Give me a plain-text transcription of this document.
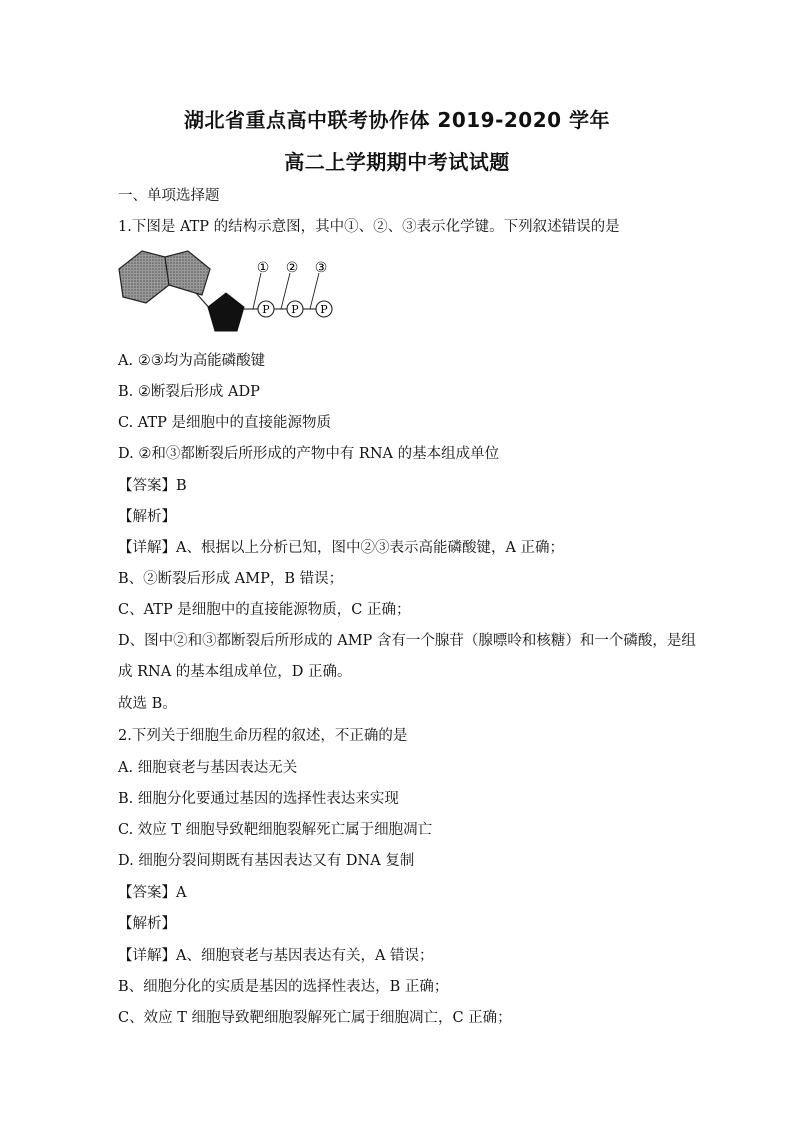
湖北省重点高中联考协作体 2019-2020 学年
高二上学期期中考试试题
一、单项选择题
1.下图是 ATP 的结构示意图，其中①、②、③表示化学键。下列叙述错误的是
P P P
① ② ③
A. ②③均为高能磷酸键
B. ②断裂后形成 ADP
C. ATP 是细胞中的直接能源物质
D. ②和③都断裂后所形成的产物中有 RNA 的基本组成单位
【答案】B
【解析】
【详解】A、根据以上分析已知，图中②③表示高能磷酸键，A 正确；
B、②断裂后形成 AMP，B 错误；
C、ATP 是细胞中的直接能源物质，C 正确；
D、图中②和③都断裂后所形成的 AMP 含有一个腺苷（腺嘌呤和核糖）和一个磷酸，是组
成 RNA 的基本组成单位，D 正确。
故选 B。
2.下列关于细胞生命历程的叙述，不正确的是
A. 细胞衰老与基因表达无关
B. 细胞分化要通过基因的选择性表达来实现
C. 效应 T 细胞导致靶细胞裂解死亡属于细胞凋亡
D. 细胞分裂间期既有基因表达又有 DNA 复制
【答案】A
【解析】
【详解】A、细胞衰老与基因表达有关，A 错误；
B、细胞分化的实质是基因的选择性表达，B 正确；
C、效应 T 细胞导致靶细胞裂解死亡属于细胞凋亡，C 正确；
